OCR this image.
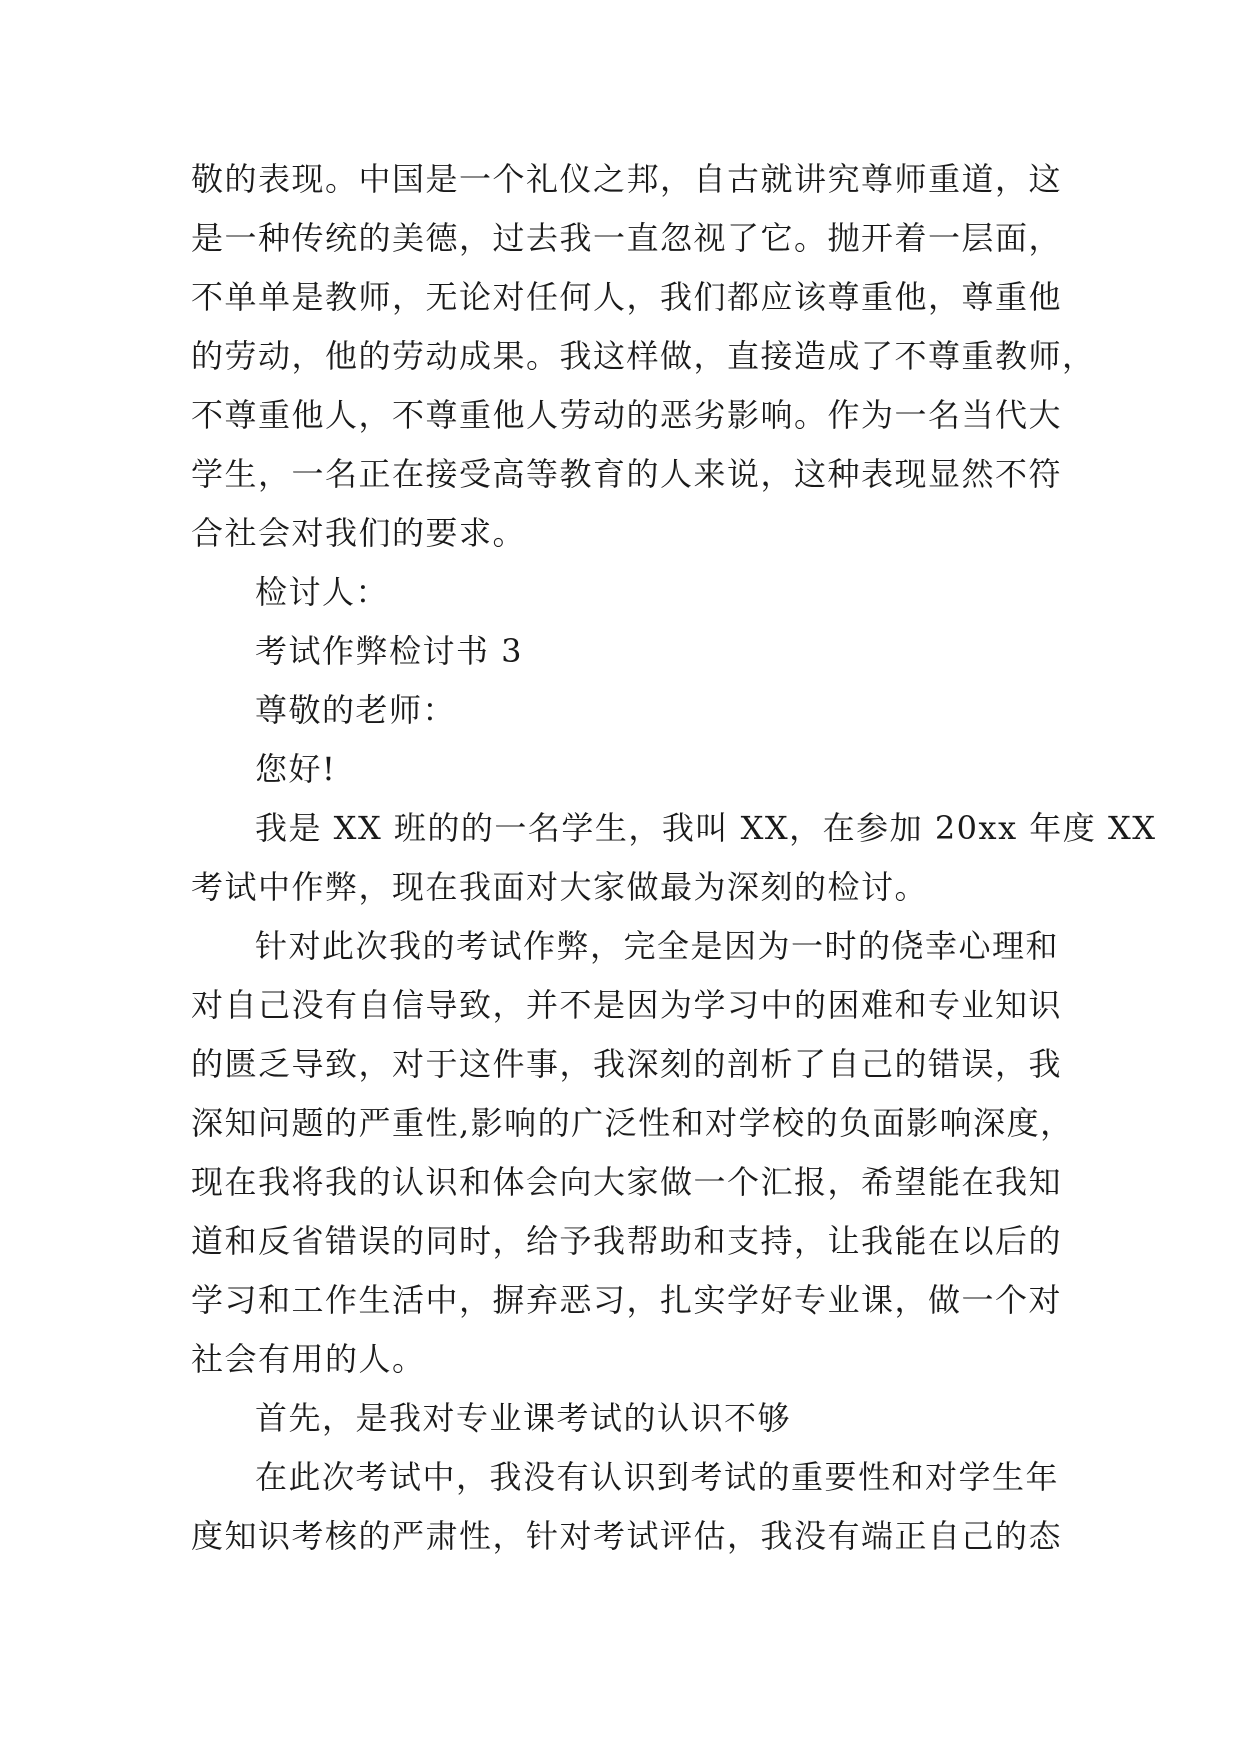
敬的表现。中国是一个礼仪之邦，自古就讲究尊师重道，这
是一种传统的美德，过去我一直忽视了它。抛开着一层面，
不单单是教师，无论对任何人，我们都应该尊重他，尊重他
的劳动，他的劳动成果。我这样做，直接造成了不尊重教师，
不尊重他人，不尊重他人劳动的恶劣影响。作为一名当代大
学生，一名正在接受高等教育的人来说，这种表现显然不符
合社会对我们的要求。
检讨人：
考试作弊检讨书 3
尊敬的老师：
您好!
我是 XX 班的的一名学生，我叫 XX，在参加 20xx 年度 XX
考试中作弊，现在我面对大家做最为深刻的检讨。
针对此次我的考试作弊，完全是因为一时的侥幸心理和
对自己没有自信导致，并不是因为学习中的困难和专业知识
的匮乏导致，对于这件事，我深刻的剖析了自己的错误，我
深知问题的严重性,影响的广泛性和对学校的负面影响深度，
现在我将我的认识和体会向大家做一个汇报，希望能在我知
道和反省错误的同时，给予我帮助和支持，让我能在以后的
学习和工作生活中，摒弃恶习，扎实学好专业课，做一个对
社会有用的人。
首先，是我对专业课考试的认识不够
在此次考试中，我没有认识到考试的重要性和对学生年
度知识考核的严肃性，针对考试评估，我没有端正自己的态
